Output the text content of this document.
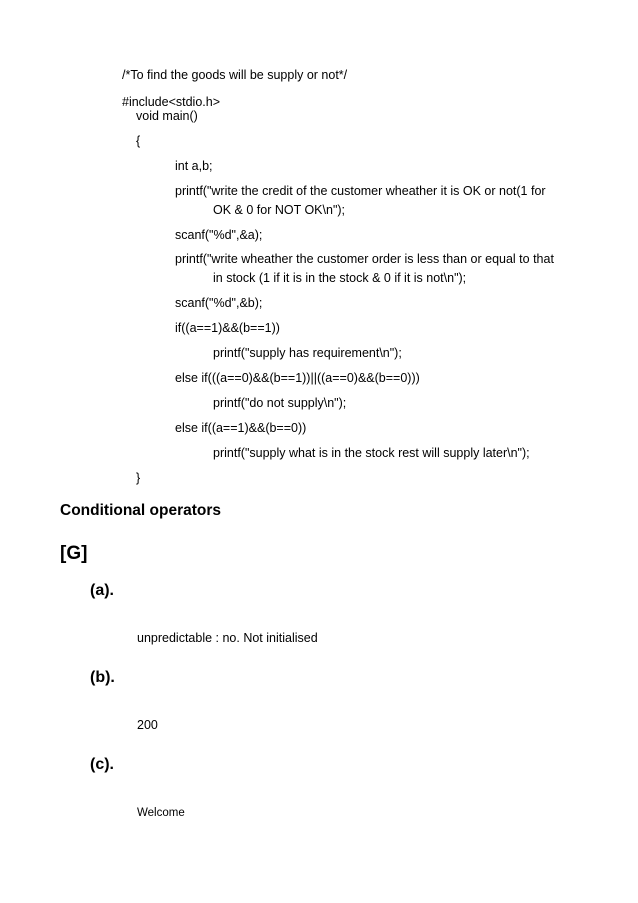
/*To find the goods will be supply or not*/
#include<stdio.h>
void main()
{
int a,b;
printf("write the credit of the customer wheather it is OK or not(1 for
OK & 0 for NOT OK\n");
scanf("%d",&a);
printf("write wheather the customer order is less than or equal to that
in stock (1 if it is in the stock & 0 if it is not\n");
scanf("%d",&b);
if((a==1)&&(b==1))
printf("supply has requirement\n");
else if(((a==0)&&(b==1))||((a==0)&&(b==0)))
printf("do not supply\n");
else if((a==1)&&(b==0))
printf("supply what is in the stock rest will supply later\n");
}
Conditional operators
[G]
(a).
unpredictable : no. Not initialised
(b).
200
(c).
Welcome
